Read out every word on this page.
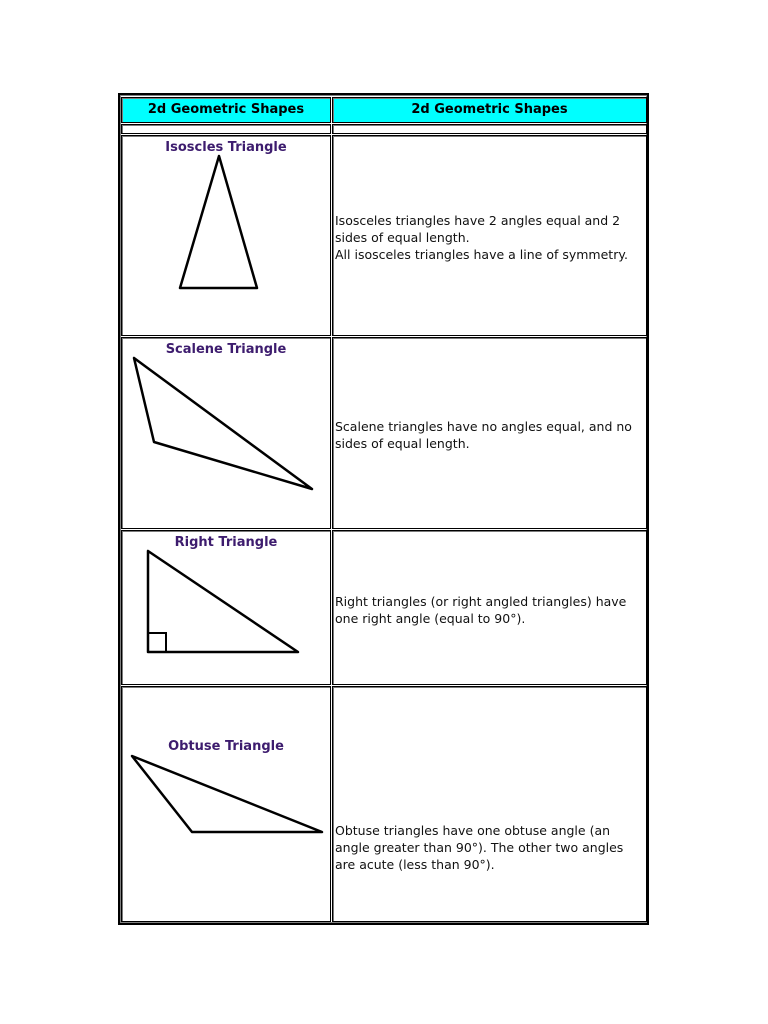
2d Geometric Shapes	2d Geometric Shapes
Isoscles Triangle

Isosceles triangles have 2 angles equal and 2 sides of equal length.

All isosceles triangles have a line of symmetry.

Scalene Triangle

Scalene triangles have no angles equal, and no sides of equal length.

Right Triangle

Right triangles (or right angled triangles) have one right angle (equal to 90°).

Obtuse Triangle

Obtuse triangles have one obtuse angle (an angle greater than 90°). The other two angles are acute (less than 90°).
